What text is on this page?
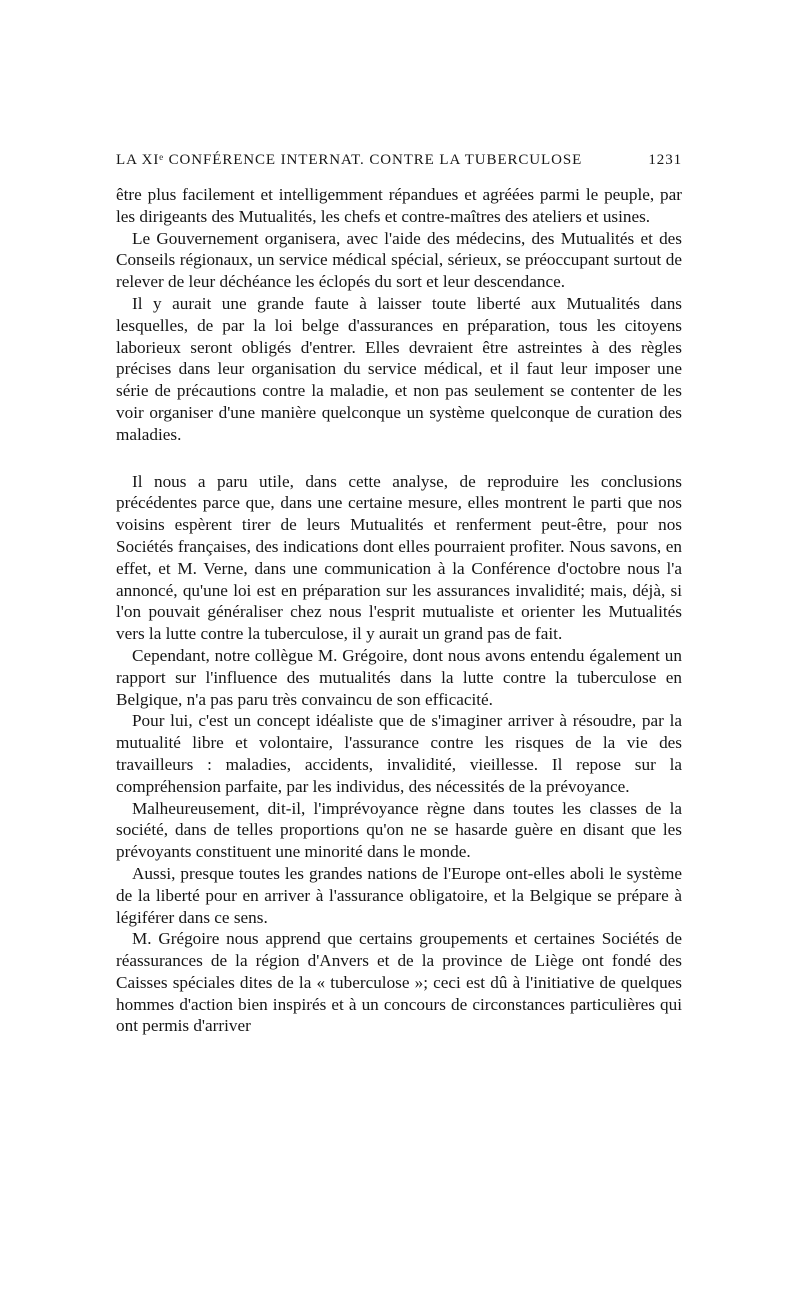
LA XIᵉ CONFÉRENCE INTERNAT. CONTRE LA TUBERCULOSE	1231

être plus facilement et intelligemment répandues et agréées parmi le peuple, par les dirigeants des Mutualités, les chefs et contre-maîtres des ateliers et usines.

Le Gouvernement organisera, avec l'aide des médecins, des Mutualités et des Conseils régionaux, un service médical spécial, sérieux, se préoccupant surtout de relever de leur déchéance les éclopés du sort et leur descendance.

Il y aurait une grande faute à laisser toute liberté aux Mutualités dans lesquelles, de par la loi belge d'assurances en préparation, tous les citoyens laborieux seront obligés d'entrer. Elles devraient être astreintes à des règles précises dans leur organisation du service médical, et il faut leur imposer une série de précautions contre la maladie, et non pas seulement se contenter de les voir organiser d'une manière quelconque un système quelconque de curation des maladies.

Il nous a paru utile, dans cette analyse, de reproduire les conclusions précédentes parce que, dans une certaine mesure, elles montrent le parti que nos voisins espèrent tirer de leurs Mutualités et renferment peut-être, pour nos Sociétés françaises, des indications dont elles pourraient profiter. Nous savons, en effet, et M. Verne, dans une communication à la Conférence d'octobre nous l'a annoncé, qu'une loi est en préparation sur les assurances invalidité; mais, déjà, si l'on pouvait généraliser chez nous l'esprit mutualiste et orienter les Mutualités vers la lutte contre la tuberculose, il y aurait un grand pas de fait.

Cependant, notre collègue M. Grégoire, dont nous avons entendu également un rapport sur l'influence des mutualités dans la lutte contre la tuberculose en Belgique, n'a pas paru très convaincu de son efficacité.

Pour lui, c'est un concept idéaliste que de s'imaginer arriver à résoudre, par la mutualité libre et volontaire, l'assurance contre les risques de la vie des travailleurs : maladies, accidents, invalidité, vieillesse. Il repose sur la compréhension parfaite, par les individus, des nécessités de la prévoyance.

Malheureusement, dit-il, l'imprévoyance règne dans toutes les classes de la société, dans de telles proportions qu'on ne se hasarde guère en disant que les prévoyants constituent une minorité dans le monde.

Aussi, presque toutes les grandes nations de l'Europe ont-elles aboli le système de la liberté pour en arriver à l'assurance obligatoire, et la Belgique se prépare à légiférer dans ce sens.

M. Grégoire nous apprend que certains groupements et certaines Sociétés de réassurances de la région d'Anvers et de la province de Liège ont fondé des Caisses spéciales dites de la « tuberculose »; ceci est dû à l'initiative de quelques hommes d'action bien inspirés et à un concours de circonstances particulières qui ont permis d'arriver
